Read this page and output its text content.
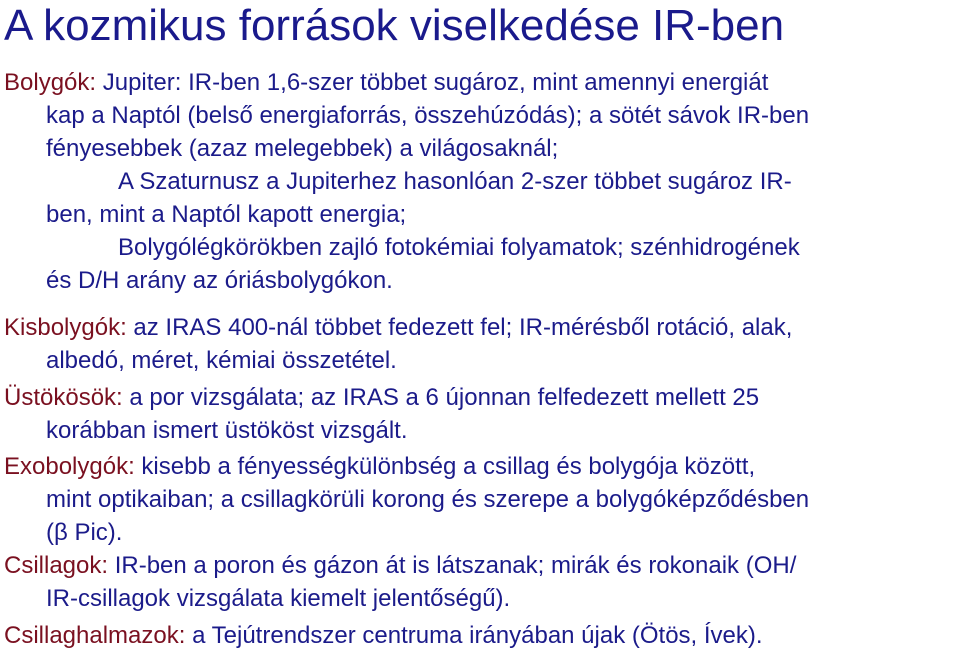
A kozmikus források viselkedése IR-ben
Bolygók: Jupiter: IR-ben 1,6-szer többet sugároz, mint amennyi energiát
kap a Naptól (belső energiaforrás, összehúzódás); a sötét sávok IR-ben
fényesebbek (azaz melegebbek) a világosaknál;
A Szaturnusz a Jupiterhez hasonlóan 2-szer többet sugároz IR-
ben, mint a Naptól kapott energia;
Bolygólégkörökben zajló fotokémiai folyamatok; szénhidrogének
és D/H arány az óriásbolygókon.
Kisbolygók: az IRAS 400-nál többet fedezett fel; IR-mérésből rotáció, alak,
albedó, méret, kémiai összetétel.
Üstökösök: a por vizsgálata; az IRAS a 6 újonnan felfedezett mellett 25
korábban ismert üstököst vizsgált.
Exobolygók: kisebb a fényességkülönbség a csillag és bolygója között,
mint optikaiban; a csillagkörüli korong és szerepe a bolygóképződésben
(β Pic).
Csillagok: IR-ben a poron és gázon át is látszanak; mirák és rokonaik (OH/
IR-csillagok vizsgálata kiemelt jelentőségű).
Csillaghalmazok: a Tejútrendszer centruma irányában újak (Ötös, Ívek).
